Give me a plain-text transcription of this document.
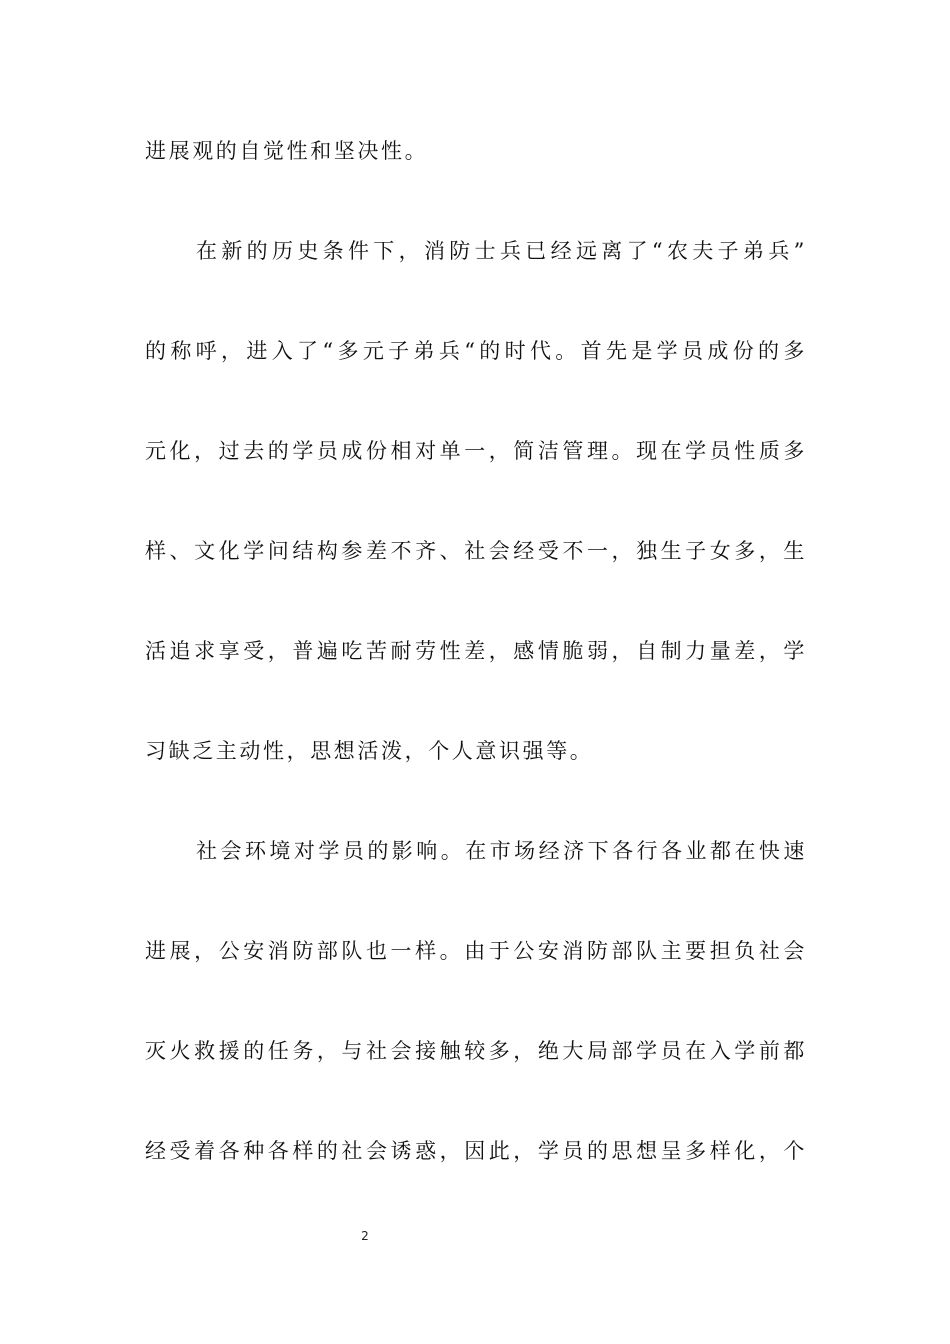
进展观的自觉性和坚决性。
在新的历史条件下，消防士兵已经远离了“农夫子弟兵”
的称呼，进入了“多元子弟兵“的时代。首先是学员成份的多
元化，过去的学员成份相对单一，简洁管理。现在学员性质多
样、文化学问结构参差不齐、社会经受不一，独生子女多，生
活追求享受，普遍吃苦耐劳性差，感情脆弱，自制力量差，学
习缺乏主动性，思想活泼，个人意识强等。
社会环境对学员的影响。在市场经济下各行各业都在快速
进展，公安消防部队也一样。由于公安消防部队主要担负社会
灭火救援的任务，与社会接触较多，绝大局部学员在入学前都
经受着各种各样的社会诱惑，因此，学员的思想呈多样化，个
2
